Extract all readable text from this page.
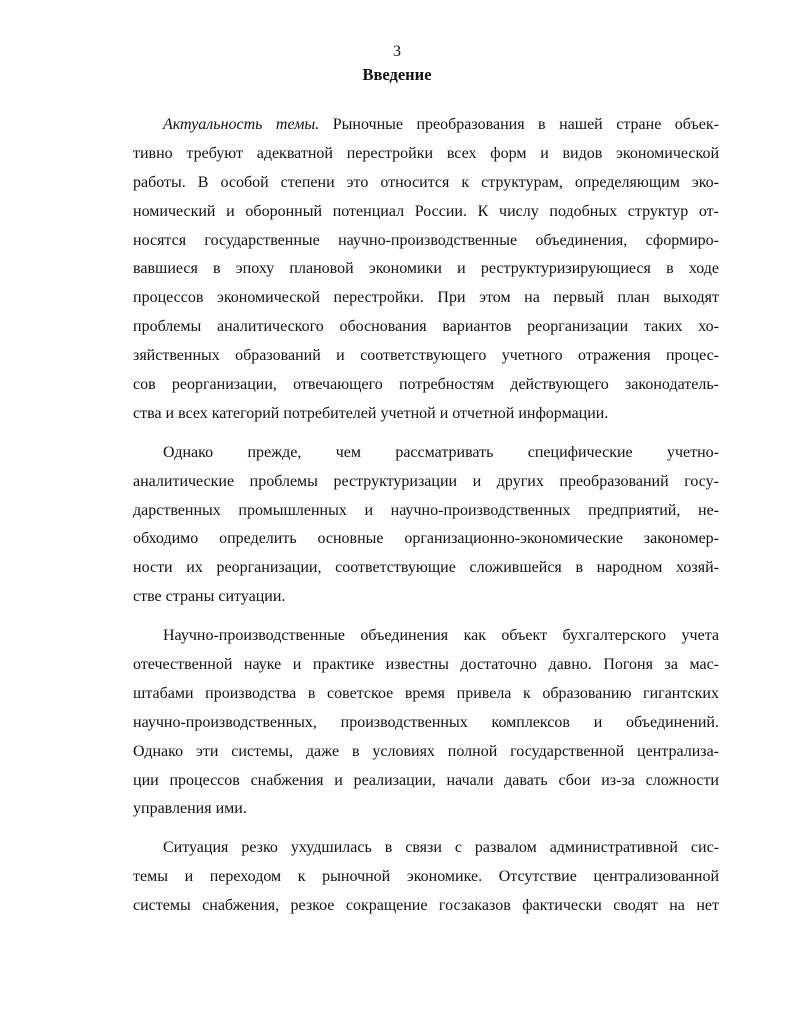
3
Введение
Актуальность темы. Рыночные преобразования в нашей стране объек-
тивно требуют адекватной перестройки всех форм и видов экономической
работы. В особой степени это относится к структурам, определяющим эко-
номический и оборонный потенциал России. К числу подобных структур от-
носятся государственные научно-производственные объединения, сформиро-
вавшиеся в эпоху плановой экономики и реструктуризирующиеся в ходе
процессов экономической перестройки. При этом на первый план выходят
проблемы аналитического обоснования вариантов реорганизации таких хо-
зяйственных образований и соответствующего учетного отражения процес-
сов реорганизации, отвечающего потребностям действующего законодатель-
ства и всех категорий потребителей учетной и отчетной информации.
Однако прежде, чем рассматривать специфические учетно-
аналитические проблемы реструктуризации и других преобразований госу-
дарственных промышленных и научно-производственных предприятий, не-
обходимо определить основные организационно-экономические закономер-
ности их реорганизации, соответствующие сложившейся в народном хозяй-
стве страны ситуации.
Научно-производственные объединения как объект бухгалтерского учета
отечественной науке и практике известны достаточно давно. Погоня за мас-
штабами производства в советское время привела к образованию гигантских
научно-производственных, производственных комплексов и объединений.
Однако эти системы, даже в условиях полной государственной централиза-
ции процессов снабжения и реализации, начали давать сбои из-за сложности
управления ими.
Ситуация резко ухудшилась в связи с развалом административной сис-
темы и переходом к рыночной экономике. Отсутствие централизованной
системы снабжения, резкое сокращение госзаказов фактически сводят на нет
